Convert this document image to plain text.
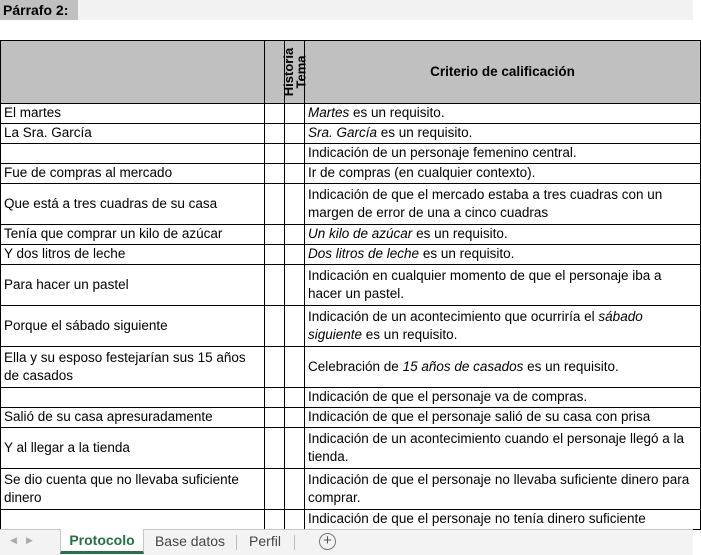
Párrafo 2:

	Historia	Tema	Criterio de calificación
El martes			Martes es un requisito.
La Sra. García			Sra. García es un requisito.
			Indicación de un personaje femenino central.
Fue de compras al mercado			Ir de compras (en cualquier contexto).
Que está a tres cuadras de su casa			Indicación de que el mercado estaba a tres cuadras con un margen de error de una a cinco cuadras
Tenía que comprar un kilo de azúcar			Un kilo de azúcar es un requisito.
Y dos litros de leche			Dos litros de leche es un requisito.
Para hacer un pastel			Indicación en cualquier momento de que el personaje iba a hacer un pastel.
Porque el sábado siguiente			Indicación de un acontecimiento que ocurriría el sábado siguiente es un requisito.
Ella y su esposo festejarían sus 15 años de casados			Celebración de 15 años de casados es un requisito.
			Indicación de que el personaje va de compras.
Salió de su casa apresuradamente			Indicación de que el personaje salió de su casa con prisa
Y al llegar a la tienda			Indicación de un acontecimiento cuando el personaje llegó a la tienda.
Se dio cuenta que no llevaba suficiente dinero			Indicación de que el personaje no llevaba suficiente dinero para comprar.
			Indicación de que el personaje no tenía dinero suficiente
◀ ▶	Protocolo	Base datos	Perfil	+
